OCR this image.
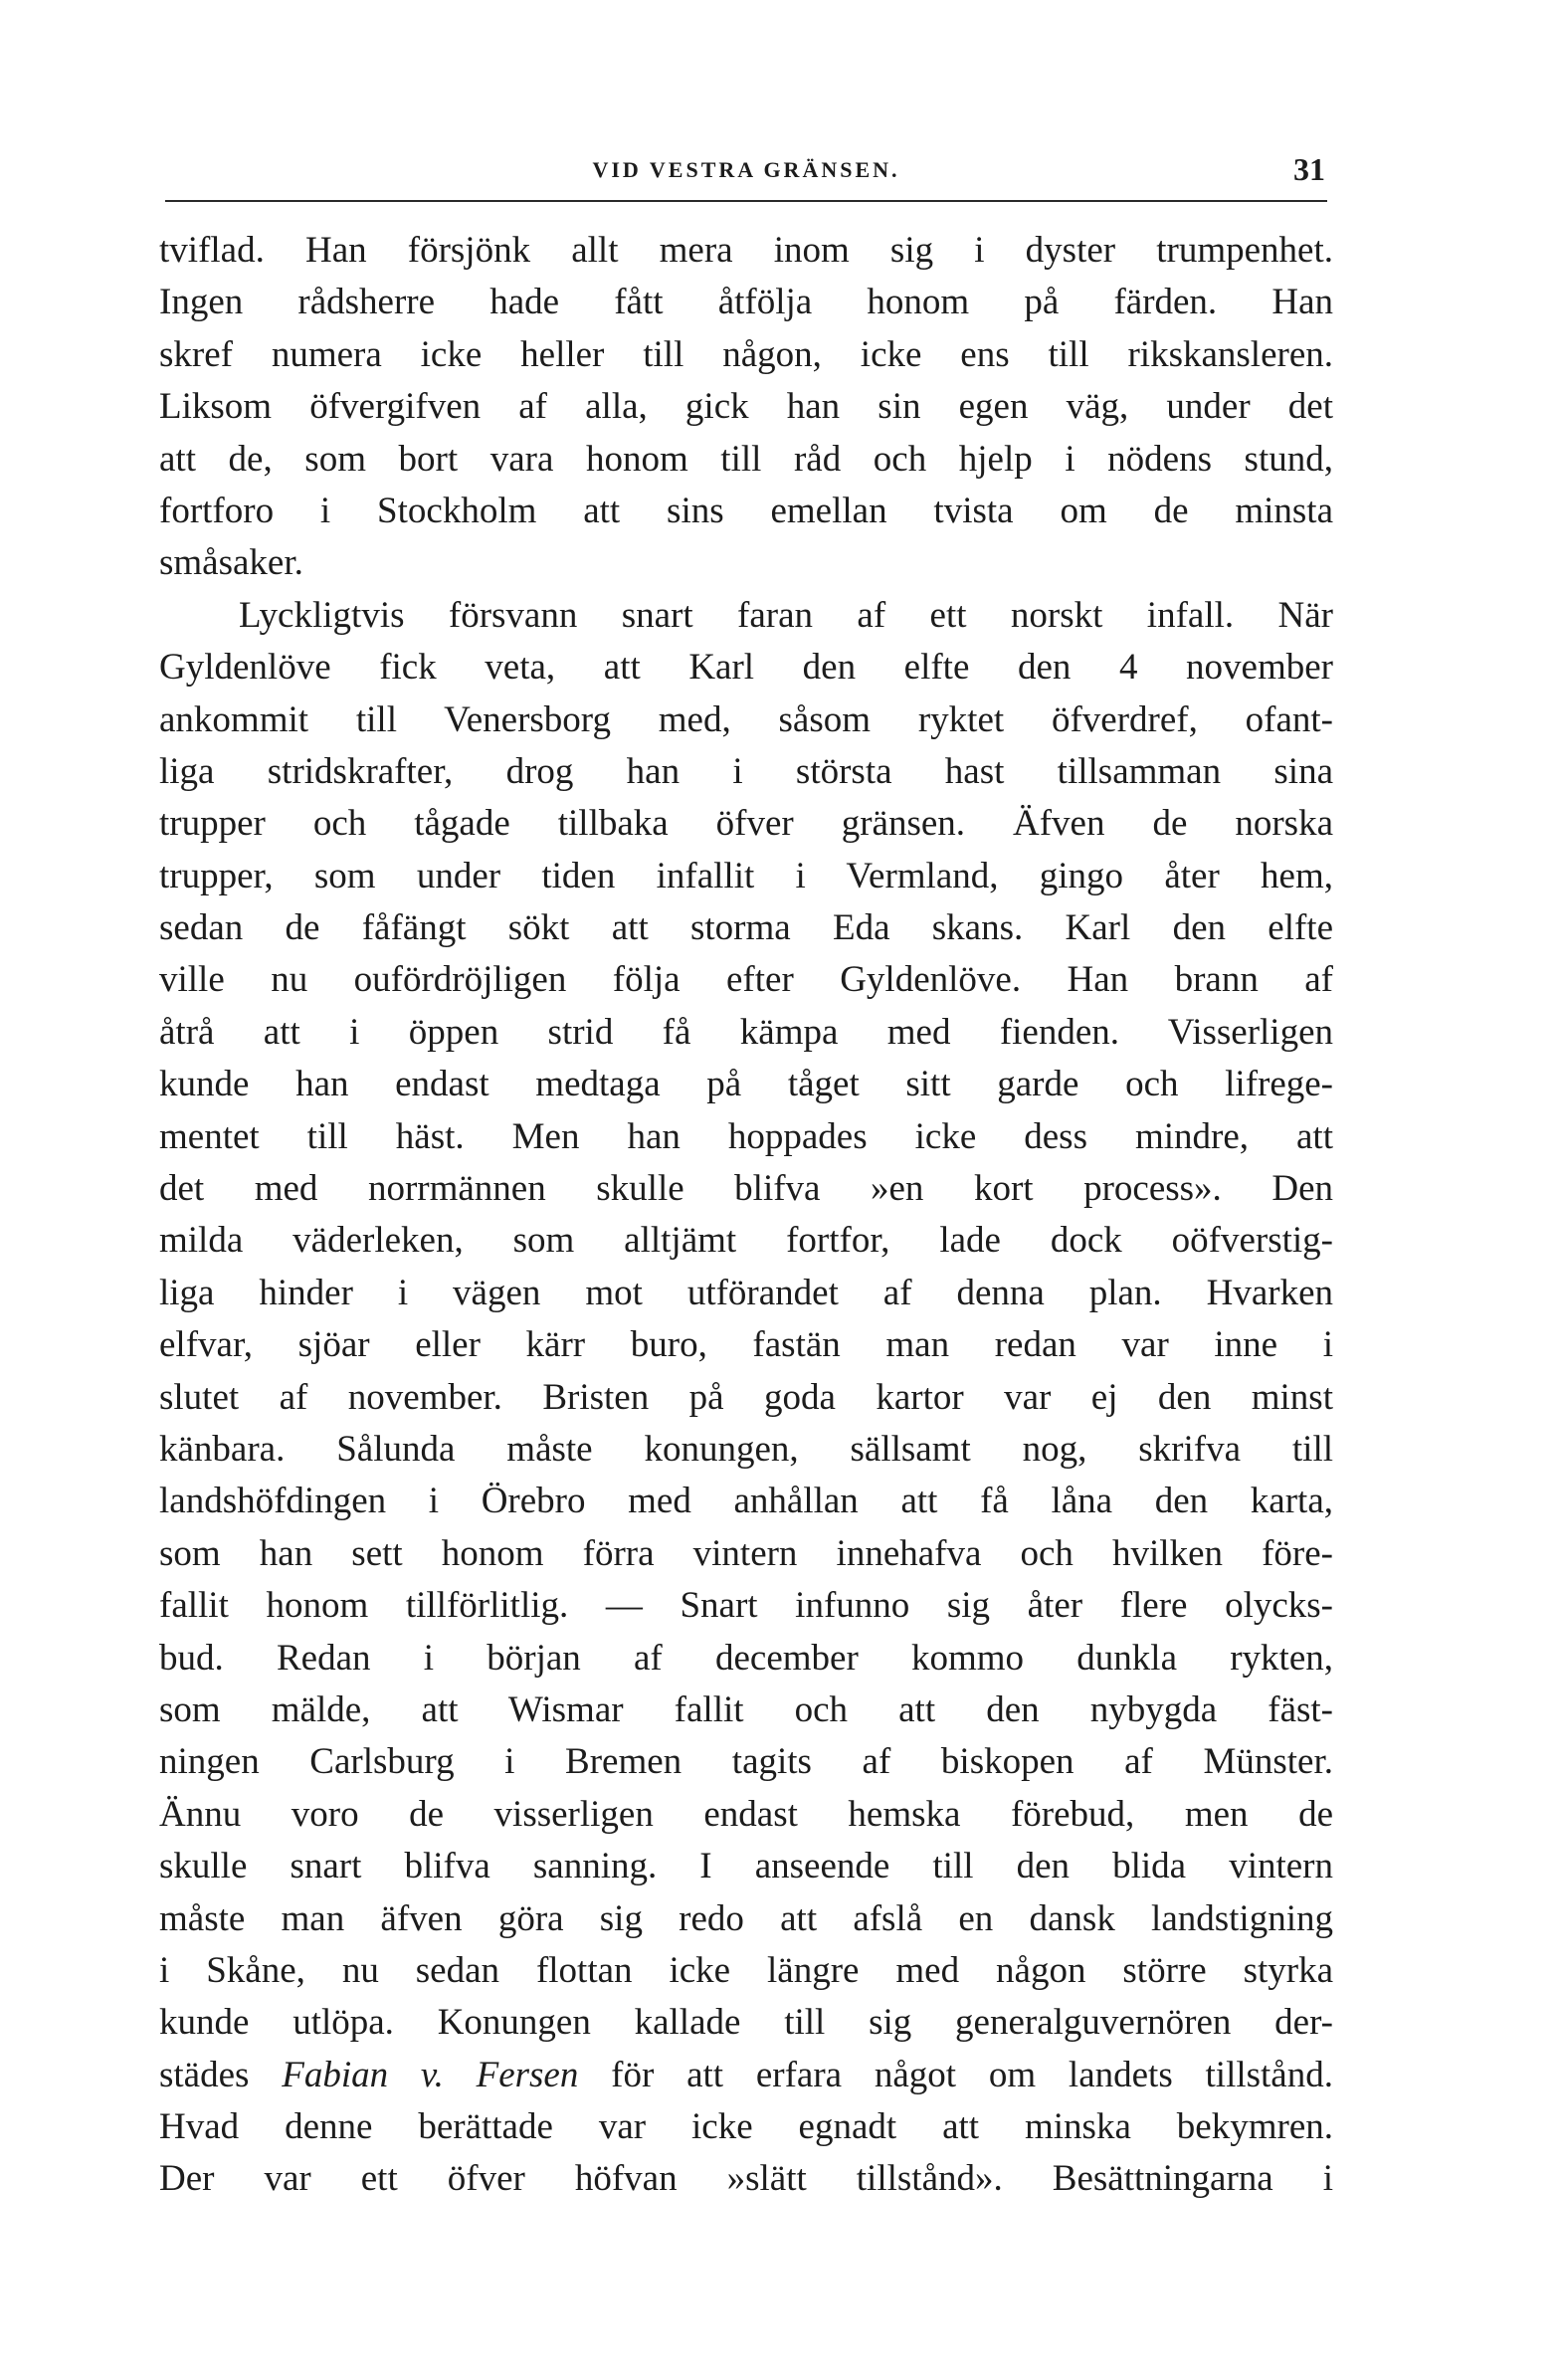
VID VESTRA GRÄNSEN.	31
tviflad. Han försjönk allt mera inom sig i dyster trumpenhet.
Ingen rådsherre hade fått åtfölja honom på färden. Han
skref numera icke heller till någon, icke ens till rikskansleren.
Liksom öfvergifven af alla, gick han sin egen väg, under det
att de, som bort vara honom till råd och hjelp i nödens stund,
fortforo i Stockholm att sins emellan tvista om de minsta
småsaker.
Lyckligtvis försvann snart faran af ett norskt infall. När
Gyldenlöve fick veta, att Karl den elfte den 4 november
ankommit till Venersborg med, såsom ryktet öfverdref, ofant-
liga stridskrafter, drog han i största hast tillsamman sina
trupper och tågade tillbaka öfver gränsen. Äfven de norska
trupper, som under tiden infallit i Vermland, gingo åter hem,
sedan de fåfängt sökt att storma Eda skans. Karl den elfte
ville nu oufördröjligen följa efter Gyldenlöve. Han brann af
åtrå att i öppen strid få kämpa med fienden. Visserligen
kunde han endast medtaga på tåget sitt garde och lifrege-
mentet till häst. Men han hoppades icke dess mindre, att
det med norrmännen skulle blifva »en kort process». Den
milda väderleken, som alltjämt fortfor, lade dock oöfverstig-
liga hinder i vägen mot utförandet af denna plan. Hvarken
elfvar, sjöar eller kärr buro, fastän man redan var inne i
slutet af november. Bristen på goda kartor var ej den minst
känbara. Sålunda måste konungen, sällsamt nog, skrifva till
landshöfdingen i Örebro med anhållan att få låna den karta,
som han sett honom förra vintern innehafva och hvilken före-
fallit honom tillförlitlig. — Snart infunno sig åter flere olycks-
bud. Redan i början af december kommo dunkla rykten,
som mälde, att Wismar fallit och att den nybygda fäst-
ningen Carlsburg i Bremen tagits af biskopen af Münster.
Ännu voro de visserligen endast hemska förebud, men de
skulle snart blifva sanning. I anseende till den blida vintern
måste man äfven göra sig redo att afslå en dansk landstigning
i Skåne, nu sedan flottan icke längre med någon större styrka
kunde utlöpa. Konungen kallade till sig generalguvernören der-
städes Fabian v. Fersen för att erfara något om landets tillstånd.
Hvad denne berättade var icke egnadt att minska bekymren.
Der var ett öfver höfvan »slätt tillstånd». Besättningarna i
